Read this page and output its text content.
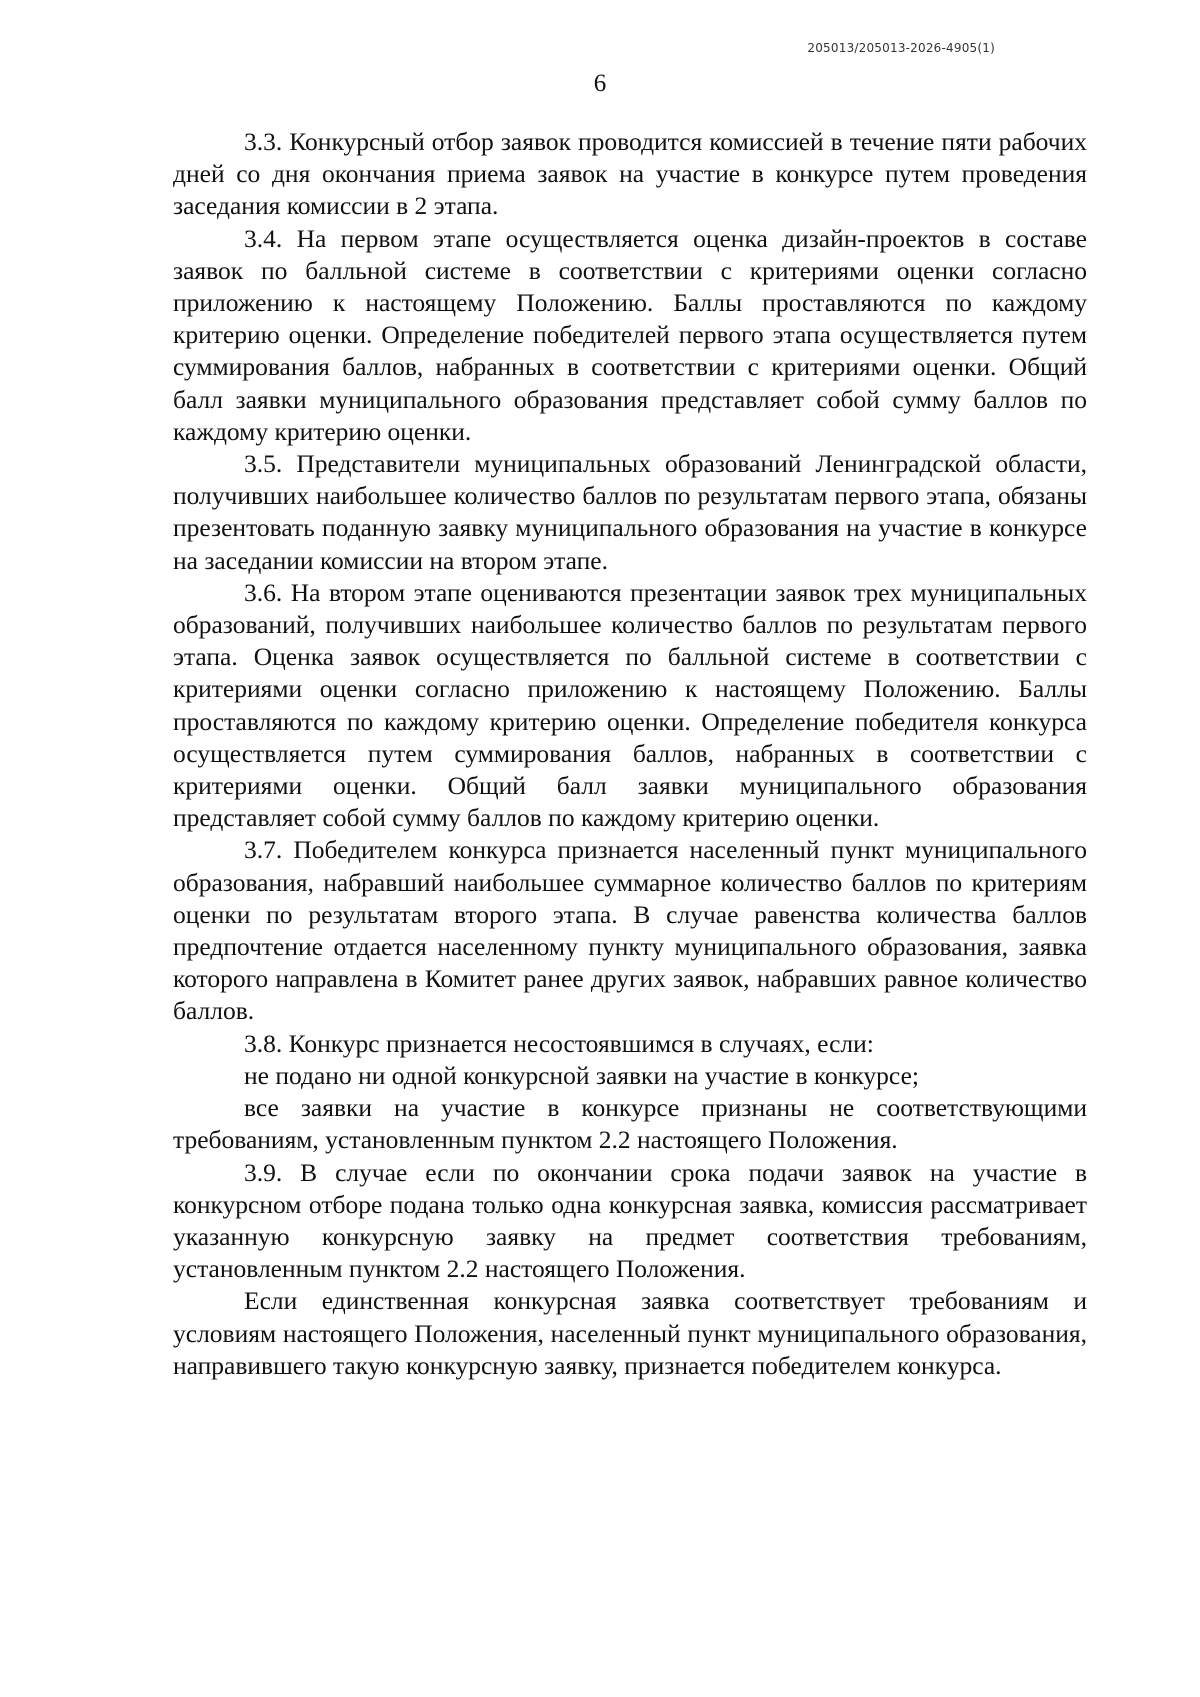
205013/205013-2026-4905(1)
6

3.3. Конкурсный отбор заявок проводится комиссией в течение пяти рабочих дней со дня окончания приема заявок на участие в конкурсе путем проведения заседания комиссии в 2 этапа.

3.4. На первом этапе осуществляется оценка дизайн-проектов в составе заявок по балльной системе в соответствии с критериями оценки согласно приложению к настоящему Положению. Баллы проставляются по каждому критерию оценки. Определение победителей первого этапа осуществляется путем суммирования баллов, набранных в соответствии с критериями оценки. Общий балл заявки муниципального образования представляет собой сумму баллов по каждому критерию оценки.

3.5. Представители муниципальных образований Ленинградской области, получивших наибольшее количество баллов по результатам первого этапа, обязаны презентовать поданную заявку муниципального образования на участие в конкурсе на заседании комиссии на втором этапе.

3.6. На втором этапе оцениваются презентации заявок трех муниципальных образований, получивших наибольшее количество баллов по результатам первого этапа. Оценка заявок осуществляется по балльной системе в соответствии с критериями оценки согласно приложению к настоящему Положению. Баллы проставляются по каждому критерию оценки. Определение победителя конкурса осуществляется путем суммирования баллов, набранных в соответствии с критериями оценки. Общий балл заявки муниципального образования представляет собой сумму баллов по каждому критерию оценки.

3.7. Победителем конкурса признается населенный пункт муниципального образования, набравший наибольшее суммарное количество баллов по критериям оценки по результатам второго этапа. В случае равенства количества баллов предпочтение отдается населенному пункту муниципального образования, заявка которого направлена в Комитет ранее других заявок, набравших равное количество баллов.

3.8. Конкурс признается несостоявшимся в случаях, если:

не подано ни одной конкурсной заявки на участие в конкурсе;

все заявки на участие в конкурсе признаны не соответствующими требованиям, установленным пунктом 2.2 настоящего Положения.

3.9. В случае если по окончании срока подачи заявок на участие в конкурсном отборе подана только одна конкурсная заявка, комиссия рассматривает указанную конкурсную заявку на предмет соответствия требованиям, установленным пунктом 2.2 настоящего Положения.

Если единственная конкурсная заявка соответствует требованиям и условиям настоящего Положения, населенный пункт муниципального образования, направившего такую конкурсную заявку, признается победителем конкурса.
